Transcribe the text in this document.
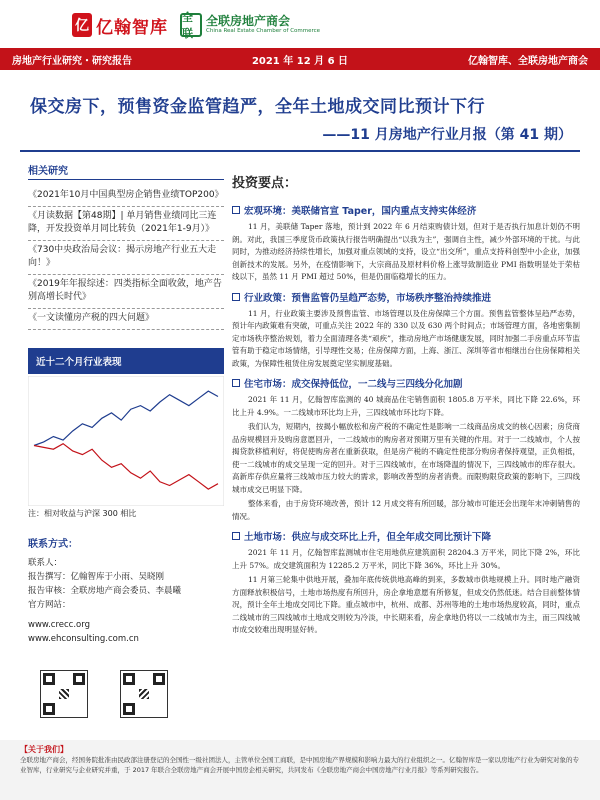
亿 亿翰智库 全联
全联房地产商会
China Real Estate Chamber of Commerce
房地产行业研究・研究报告	2021 年 12 月 6 日	亿翰智库、全联房地产商会
保交房下，预售资金监管趋严，全年土地成交同比预计下行
——11 月房地产行业月报（第 41 期）
相关研究
《2021年10月中国典型房企销售业绩TOP200》
《月读数据【第48期】| 单月销售业绩同比三连降，开发投资单月同比转负（2021年1-9月）》
《730中央政治局会议：揭示房地产行业五大走向！》
《2019年年报综述：四类指标全面收敛，地产告别高增长时代》
《一文读懂房产税的四大问题》
近十二个月行业表现
注：相对收益与沪深 300 相比
联系方式：
联系人：
报告撰写：亿翰智库于小雨、吴晓刚
报告审核：全联房地产商会委员、李晨曦
官方网站：
www.crecc.org
www.ehconsulting.com.cn
投资要点：
宏观环境：美联储官宣 Taper，国内重点支持实体经济

11 月，美联储 Taper 落地，预计到 2022 年 6 月结束购债计划，但对于是否执行加息计划仍不明朗。对此，我国三季度货币政策执行报告明确提出“以我为主”，强调自主性，减少外部环境的干扰。与此同时，为推动经济持续性增长，加强对重点领域的支持，设立“出交所”，重点支持科创型中小企业，加强创新技术的发展。另外，在疫情影响下，大宗商品及原材料价格上涨导致制造业 PMI 指数明显处于荣枯线以下，虽然 11 月 PMI 超过 50%，但是仍面临稳增长的压力。

行业政策：预售监管仍呈趋严态势，市场秩序整治持续推进

11 月，行业政策主要涉及预售监管、市场管理以及住房保障三个方面。预售监管整体呈趋严态势，预计年内政策难有突破，可重点关注 2022 年的 330 以及 630 两个时间点；市场管理方面，各地密集制定市场秩序整治规划，着力全面清理各类“顽疾”，推动房地产市场健康发展，同时加强二手房重点环节监管有助于稳定市场情绪，引导理性交易；住房保障方面，上海、浙江、深圳等省市相继出台住房保障相关政策，为保障性租赁住房发展奠定坚实制度基础。

住宅市场：成交保持低位，一二线与三四线分化加剧

2021 年 11 月，亿翰智库监测的 40 城商品住宅销售面积 1805.8 万平米，同比下降 22.6%，环比上升 4.9%。一二线城市环比均上升，三四线城市环比均下降。

我们认为，短期内，按揭小幅放松和房产税的不确定性是影响一二线商品房成交的核心因素；房贷商品房规模回升及购房意愿回升，一二线城市的购房者对预期万里有关键的作用。对于一二线城市，个人按揭贷款移植利好，将促使购房者在重新获取，但是房产税的不确定性使部分购房者保持观望，正负相抵，使一二线城市的成交呈现一定的回升。对于三四线城市，在市场降温的情况下，三四线城市的库存很大。高新库存供应量将三线城市压力较大的需求，影响改善型的房者消费。而限购限贷政策的影响下，三四线城市成交已明显下降。

整体来看，由于房贷环境改善，预计 12 月成交将有所回暖，部分城市可能还会出现年末冲刺销售的情况。

土地市场：供应与成交环比上升，但全年成交同比预计下降

2021 年 11 月，亿翰智库监测城市住宅用地供应建筑面积 28204.3 万平米，同比下降 2%，环比上升 57%。成交建筑面积为 12285.2 万平米，同比下降 36%，环比上升 30%。

11 月第三轮集中供地开展，叠加年底传统供地高峰的到来，多数城市供地规模上升。同时地产融资方面释放积极信号，土地市场热度有所回升，房企拿地意愿有所修复，但成交仍然低迷。结合目前整体情况，预计全年土地成交同比下降。重点城市中，杭州、成都、苏州等地的土地市场热度较高，同时，重点二线城市的三四线城市土地成交则较为冷淡，中长期来看，房企拿地仍将以一二线城市为主，而三四线城市成交较难出现明显好转。

【关于我们】
全联房地产商会，经国务院批准由民政部注册登记的全国性一级社团法人，主管单位全国工商联，是中国房地产界规模和影响力最大的行业组织之一。亿翰智库是一家以房地产行业为研究对象的专业智库，行业研究与企业研究并重，于 2017 年联合全联房地产商会开展中国房企相关研究，共同发布《全联房地产商会中国房地产行业月报》等系列研究报告。
